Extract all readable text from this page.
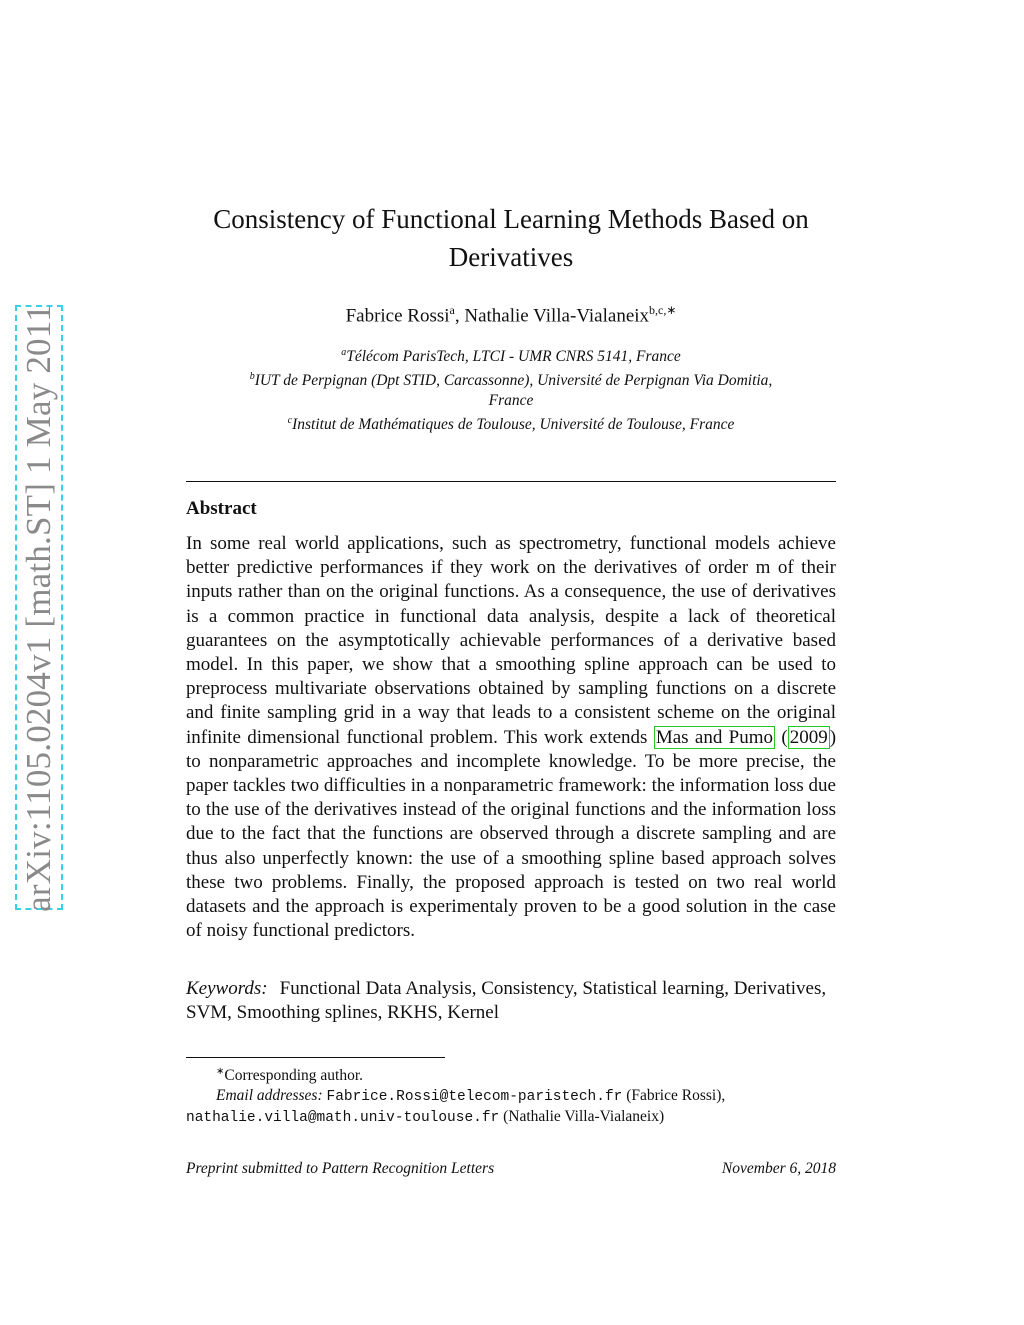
arXiv:1105.0204v1 [math.ST] 1 May 2011
Consistency of Functional Learning Methods Based on
Derivatives
Fabrice Rossi$^a$, Nathalie Villa-Vialaneix$^{b,c,∗}$
$^a$Télécom ParisTech, LTCI - UMR CNRS 5141, France
$^b$IUT de Perpignan (Dpt STID, Carcassonne), Université de Perpignan Via Domitia,
France
$^c$Institut de Mathématiques de Toulouse, Université de Toulouse, France
Abstract

In some real world applications, such as spectrometry, functional models achieve better predictive performances if they work on the derivatives of order m of their inputs rather than on the original functions. As a consequence, the use of derivatives is a common practice in functional data analysis, despite a lack of theoretical guarantees on the asymptotically achievable performances of a derivative based model. In this paper, we show that a smoothing spline approach can be used to preprocess multivariate observations obtained by sampling functions on a discrete and finite sampling grid in a way that leads to a consistent scheme on the original infinite dimensional functional problem. This work extends Mas and Pumo ( 2009 ) to nonparametric approaches and incomplete knowledge. To be more precise, the paper tackles two difficulties in a nonparametric framework: the information loss due to the use of the derivatives instead of the original functions and the information loss due to the fact that the functions are observed through a discrete sampling and are thus also unperfectly known: the use of a smoothing spline based approach solves these two problems. Finally, the proposed approach is tested on two real world datasets and the approach is experimentaly proven to be a good solution in the case of noisy functional predictors.

Keywords: Functional Data Analysis, Consistency, Statistical learning, Derivatives, SVM, Smoothing splines, RKHS, Kernel

∗Corresponding author.
Email addresses: Fabrice.Rossi@telecom-paristech.fr (Fabrice Rossi),
nathalie.villa@math.univ-toulouse.fr (Nathalie Villa-Vialaneix)
Preprint submitted to Pattern Recognition Letters	November 6, 2018
